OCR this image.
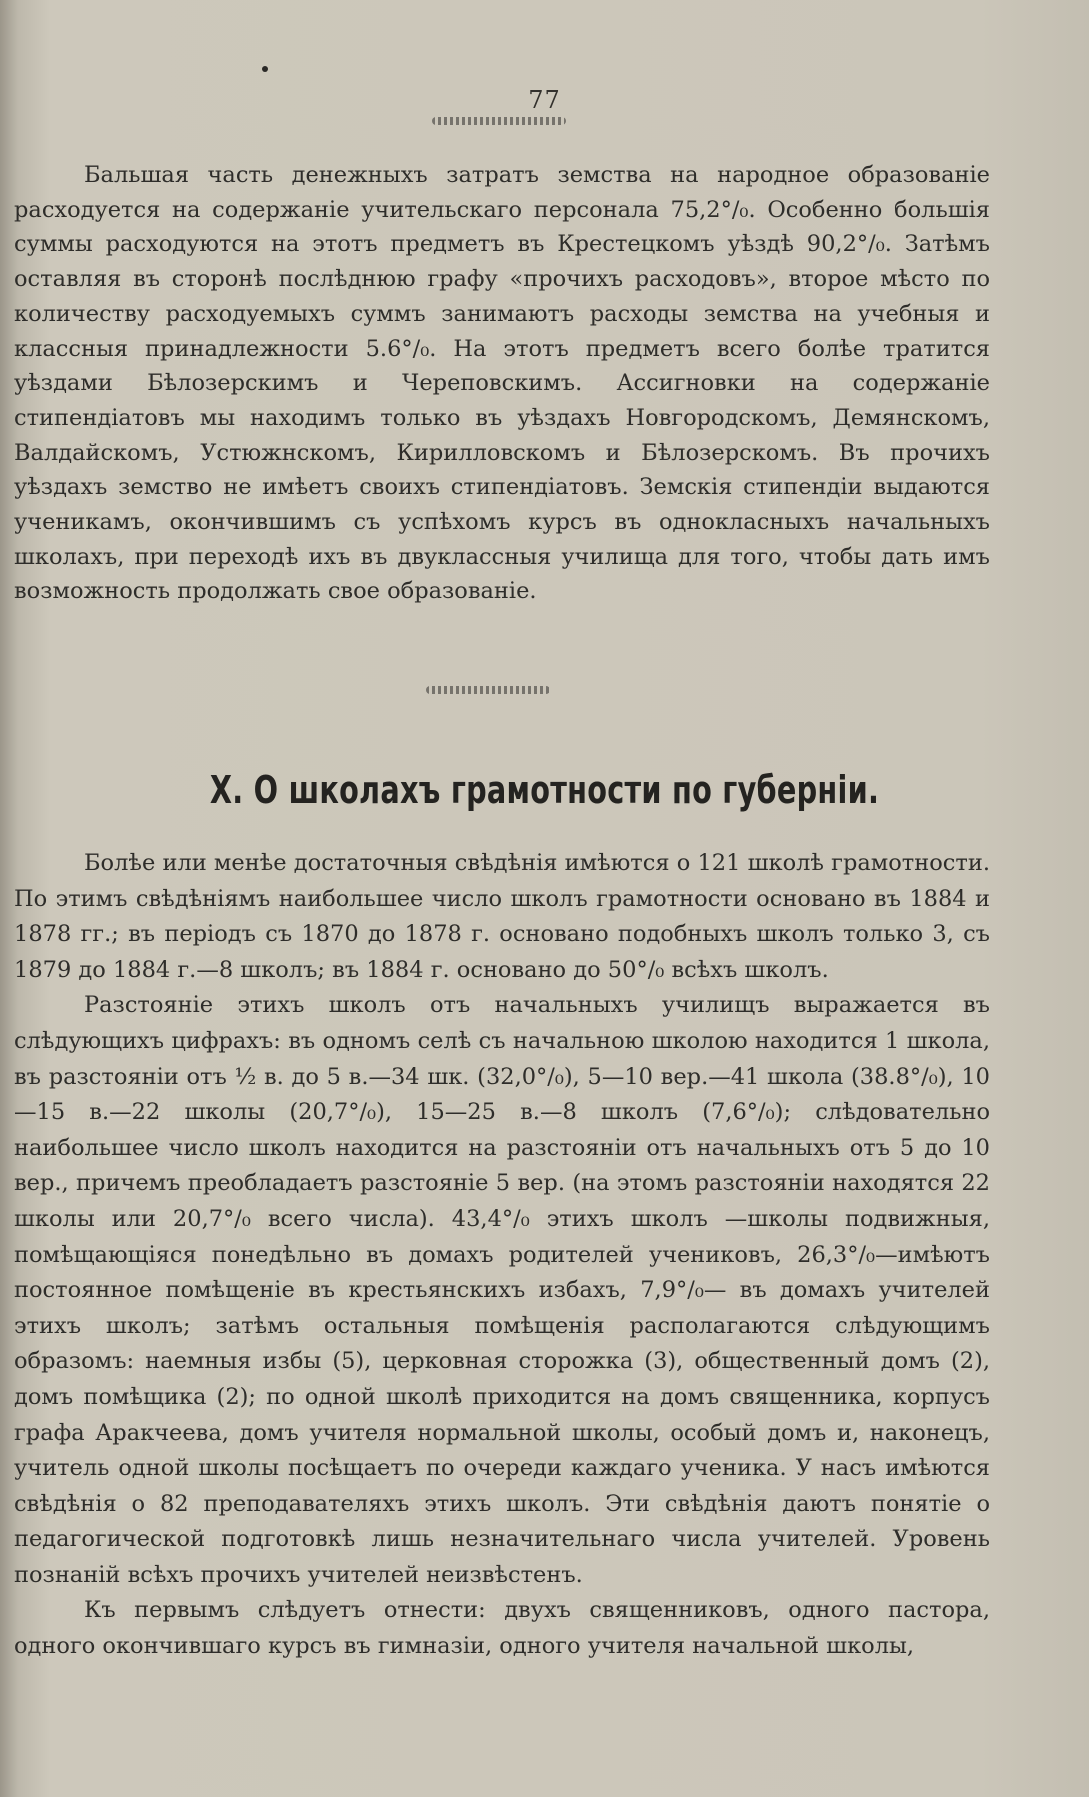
77

Бальшая часть денежныхъ затратъ земства на народное образованіе расходуется на содержаніе учительскаго персонала 75,2°/₀. Особенно большія суммы расходуются на этотъ предметъ въ Крестецкомъ уѣздѣ 90,2°/₀. Затѣмъ оставляя въ сторонѣ послѣднюю графу «прочихъ расходовъ», второе мѣсто по количеству расходуемыхъ суммъ занимаютъ расходы земства на учебныя и классныя принадлежности 5.6°/₀. На этотъ предметъ всего болѣе тратится уѣздами Бѣлозерскимъ и Череповскимъ. Ассигновки на содержаніе стипендіатовъ мы находимъ только въ уѣздахъ Новгородскомъ, Демянскомъ, Валдайскомъ, Устюжнскомъ, Кирилловскомъ и Бѣлозерскомъ. Въ прочихъ уѣздахъ земство не имѣетъ своихъ стипендіатовъ. Земскія стипендіи выдаются ученикамъ, окончившимъ съ успѣхомъ курсъ въ однокласныхъ начальныхъ школахъ, при переходѣ ихъ въ двуклассныя училища для того, чтобы дать имъ возможность продолжать свое образованіе.

X. О школахъ грамотности по губерніи.

Болѣе или менѣе достаточныя свѣдѣнія имѣются о 121 школѣ грамотности. По этимъ свѣдѣніямъ наибольшее число школъ грамотности основано въ 1884 и 1878 гг.; въ періодъ съ 1870 до 1878 г. основано подобныхъ школъ только 3, съ 1879 до 1884 г.—8 школъ; въ 1884 г. основано до 50°/₀ всѣхъ школъ.

Разстояніе этихъ школъ отъ начальныхъ училищъ выражается въ слѣдующихъ цифрахъ: въ одномъ селѣ съ начальною школою находится 1 школа, въ разстояніи отъ ½ в. до 5 в.—34 шк. (32,0°/₀), 5—10 вер.—41 школа (38.8°/₀), 10—15 в.—22 школы (20,7°/₀), 15—25 в.—8 школъ (7,6°/₀); слѣдовательно наибольшее число школъ находится на разстояніи отъ начальныхъ отъ 5 до 10 вер., причемъ преобладаетъ разстояніе 5 вер. (на этомъ разстояніи находятся 22 школы или 20,7°/₀ всего числа). 43,4°/₀ этихъ школъ —школы подвижныя, помѣщающіяся понедѣльно въ домахъ родителей учениковъ, 26,3°/₀—имѣютъ постоянное помѣщеніе въ крестьянскихъ избахъ, 7,9°/₀— въ домахъ учителей этихъ школъ; затѣмъ остальныя помѣщенія располагаются слѣдующимъ образомъ: наемныя избы (5), церковная сторожка (3), общественный домъ (2), домъ помѣщика (2); по одной школѣ приходится на домъ священника, корпусъ графа Аракчеева, домъ учителя нормальной школы, особый домъ и, наконецъ, учитель одной школы посѣщаетъ по очереди каждаго ученика. У насъ имѣются свѣдѣнія о 82 преподавателяхъ этихъ школъ. Эти свѣдѣнія даютъ понятіе о педагогической подготовкѣ лишь незначительнаго числа учителей. Уровень познаній всѣхъ прочихъ учителей неизвѣстенъ.

Къ первымъ слѣдуетъ отнести: двухъ священниковъ, одного пастора, одного окончившаго курсъ въ гимназіи, одного учителя начальной школы,
